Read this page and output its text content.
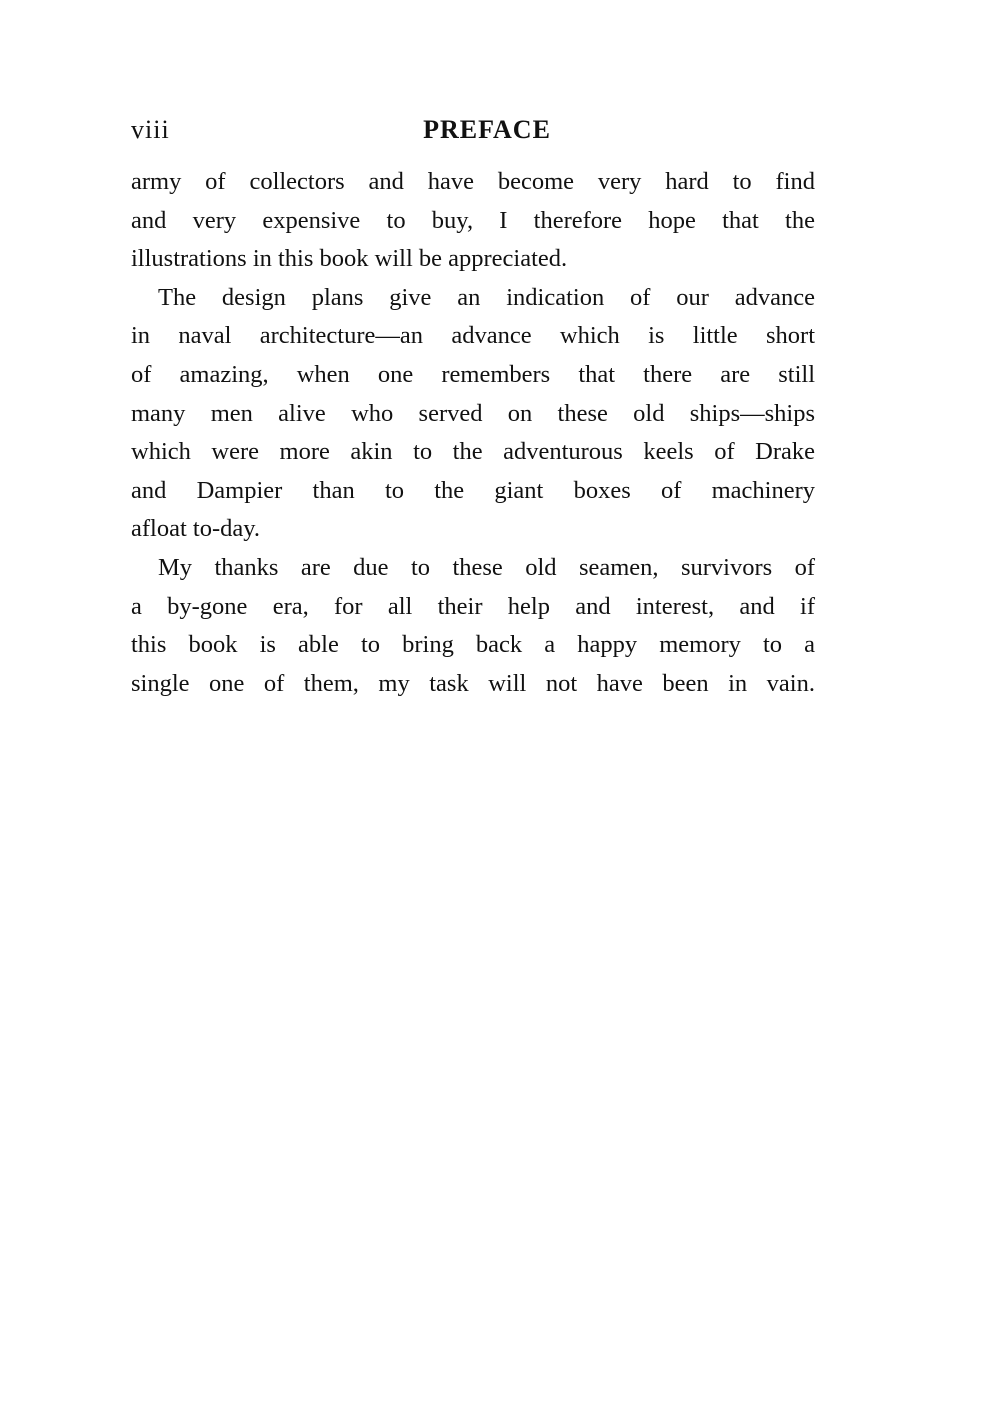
viii	PREFACE
army of collectors and have become very hard to find
and very expensive to buy, I therefore hope that the
illustrations in this book will be appreciated.
The design plans give an indication of our advance
in naval architecture—an advance which is little short
of amazing, when one remembers that there are still
many men alive who served on these old ships—ships
which were more akin to the adventurous keels of Drake
and Dampier than to the giant boxes of machinery
afloat to-day.
My thanks are due to these old seamen, survivors of
a by-gone era, for all their help and interest, and if
this book is able to bring back a happy memory to a
single one of them, my task will not have been in vain.
